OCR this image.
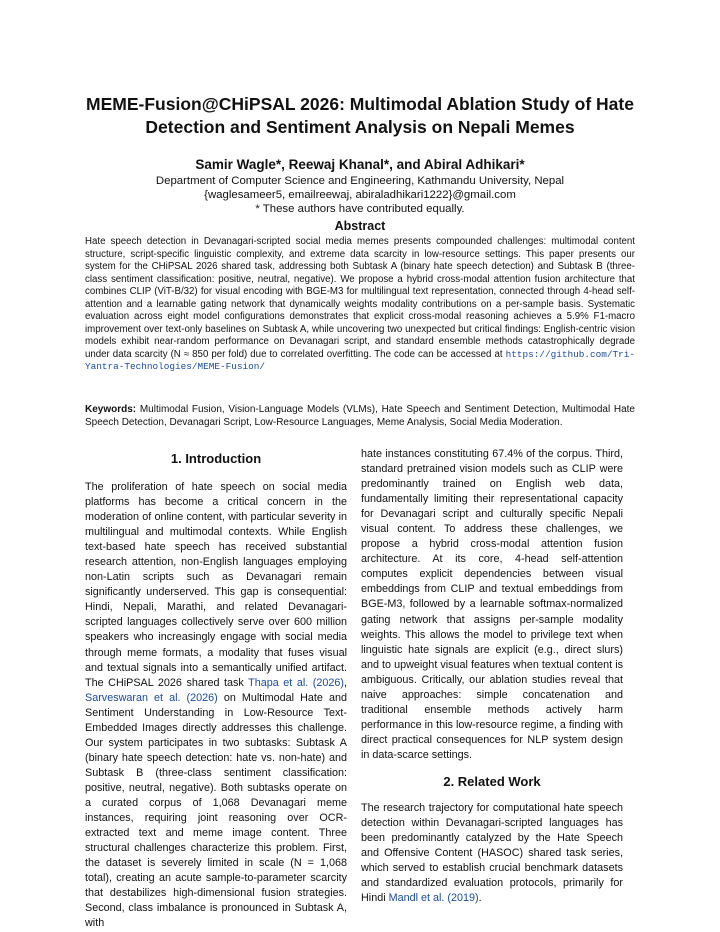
MEME-Fusion@CHiPSAL 2026: Multimodal Ablation Study of Hate
Detection and Sentiment Analysis on Nepali Memes
Samir Wagle*, Reewaj Khanal*, and Abiral Adhikari*
Department of Computer Science and Engineering, Kathmandu University, Nepal
{waglesameer5, emailreewaj, abiraladhikari1222}@gmail.com
* These authors have contributed equally.
Abstract
Hate speech detection in Devanagari-scripted social media memes presents compounded challenges: multimodal content structure, script-specific linguistic complexity, and extreme data scarcity in low-resource settings. This paper presents our system for the CHiPSAL 2026 shared task, addressing both Subtask A (binary hate speech detection) and Subtask B (three-class sentiment classification: positive, neutral, negative). We propose a hybrid cross-modal attention fusion architecture that combines CLIP (ViT-B/32) for visual encoding with BGE-M3 for multilingual text representation, connected through 4-head self-attention and a learnable gating network that dynamically weights modality contributions on a per-sample basis. Systematic evaluation across eight model configurations demonstrates that explicit cross-modal reasoning achieves a 5.9% F1-macro improvement over text-only baselines on Subtask A, while uncovering two unexpected but critical findings: English-centric vision models exhibit near-random performance on Devanagari script, and standard ensemble methods catastrophically degrade under data scarcity (N ≈ 850 per fold) due to correlated overfitting. The code can be accessed at https://github.com/Tri-Yantra-Technologies/MEME-Fusion/
Keywords: Multimodal Fusion, Vision-Language Models (VLMs), Hate Speech and Sentiment Detection, Multimodal Hate Speech Detection, Devanagari Script, Low-Resource Languages, Meme Analysis, Social Media Moderation.
1. Introduction

The proliferation of hate speech on social media platforms has become a critical concern in the moderation of online content, with particular severity in multilingual and multimodal contexts. While English text-based hate speech has received substantial research attention, non-English languages employing non-Latin scripts such as Devanagari remain significantly underserved. This gap is consequential: Hindi, Nepali, Marathi, and related Devanagari-scripted languages collectively serve over 600 million speakers who increasingly engage with social media through meme formats, a modality that fuses visual and textual signals into a semantically unified artifact. The CHiPSAL 2026 shared task Thapa et al. (2026), Sarveswaran et al. (2026) on Multimodal Hate and Sentiment Understanding in Low-Resource Text-Embedded Images directly addresses this challenge. Our system participates in two subtasks: Subtask A (binary hate speech detection: hate vs. non-hate) and Subtask B (three-class sentiment classification: positive, neutral, negative). Both subtasks operate on a curated corpus of 1,068 Devanagari meme instances, requiring joint reasoning over OCR-extracted text and meme image content. Three structural challenges characterize this problem. First, the dataset is severely limited in scale (N = 1,068 total), creating an acute sample-to-parameter scarcity that destabilizes high-dimensional fusion strategies. Second, class imbalance is pronounced in Subtask A, with

hate instances constituting 67.4% of the corpus. Third, standard pretrained vision models such as CLIP were predominantly trained on English web data, fundamentally limiting their representational capacity for Devanagari script and culturally specific Nepali visual content. To address these challenges, we propose a hybrid cross-modal attention fusion architecture. At its core, 4-head self-attention computes explicit dependencies between visual embeddings from CLIP and textual embeddings from BGE-M3, followed by a learnable softmax-normalized gating network that assigns per-sample modality weights. This allows the model to privilege text when linguistic hate signals are explicit (e.g., direct slurs) and to upweight visual features when textual content is ambiguous. Critically, our ablation studies reveal that naive approaches: simple concatenation and traditional ensemble methods actively harm performance in this low-resource regime, a finding with direct practical consequences for NLP system design in data-scarce settings.

2. Related Work

The research trajectory for computational hate speech detection within Devanagari-scripted languages has been predominantly catalyzed by the Hate Speech and Offensive Content (HASOC) shared task series, which served to establish crucial benchmark datasets and standardized evaluation protocols, primarily for Hindi Mandl et al. (2019).
